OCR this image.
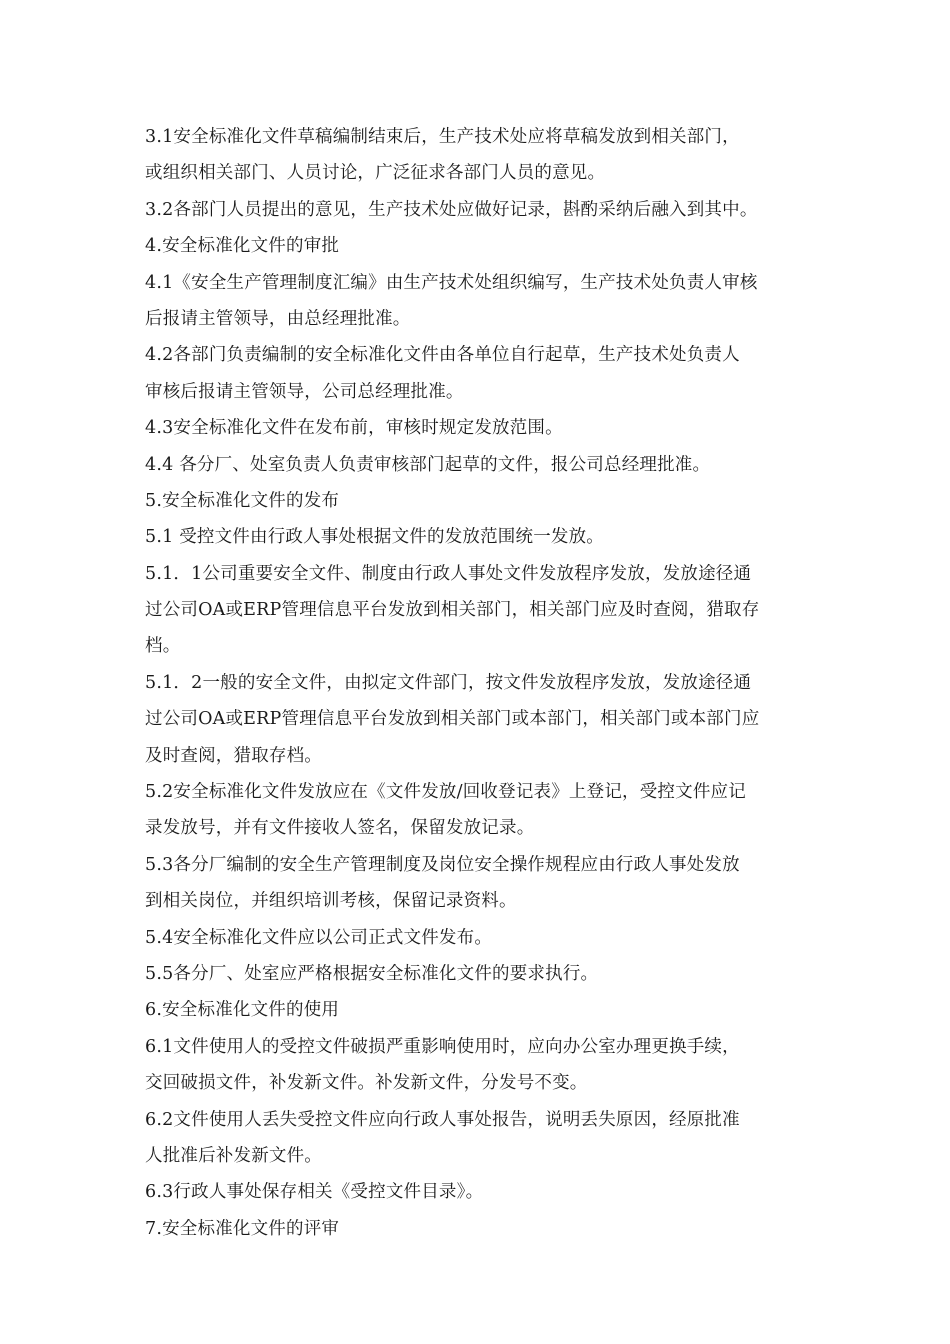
3.1安全标准化文件草稿编制结束后，生产技术处应将草稿发放到相关部门，
或组织相关部门、人员讨论，广泛征求各部门人员的意见。
3.2各部门人员提出的意见，生产技术处应做好记录，斟酌采纳后融入到其中。
4.安全标准化文件的审批
4.1《安全生产管理制度汇编》由生产技术处组织编写，生产技术处负责人审核
后报请主管领导，由总经理批准。
4.2各部门负责编制的安全标准化文件由各单位自行起草，生产技术处负责人
审核后报请主管领导，公司总经理批准。
4.3安全标准化文件在发布前，审核时规定发放范围。
4.4 各分厂、处室负责人负责审核部门起草的文件，报公司总经理批准。
5.安全标准化文件的发布
5.1 受控文件由行政人事处根据文件的发放范围统一发放。
5.1．1公司重要安全文件、制度由行政人事处文件发放程序发放，发放途径通
过公司OA或ERP管理信息平台发放到相关部门，相关部门应及时查阅，猎取存
档。
5.1．2一般的安全文件，由拟定文件部门，按文件发放程序发放，发放途径通
过公司OA或ERP管理信息平台发放到相关部门或本部门，相关部门或本部门应
及时查阅，猎取存档。
5.2安全标准化文件发放应在《文件发放/回收登记表》上登记，受控文件应记
录发放号，并有文件接收人签名，保留发放记录。
5.3各分厂编制的安全生产管理制度及岗位安全操作规程应由行政人事处发放
到相关岗位，并组织培训考核，保留记录资料。
5.4安全标准化文件应以公司正式文件发布。
5.5各分厂、处室应严格根据安全标准化文件的要求执行。
6.安全标准化文件的使用
6.1文件使用人的受控文件破损严重影响使用时，应向办公室办理更换手续，
交回破损文件，补发新文件。补发新文件，分发号不变。
6.2文件使用人丢失受控文件应向行政人事处报告，说明丢失原因，经原批准
人批准后补发新文件。
6.3行政人事处保存相关《受控文件目录》。
7.安全标准化文件的评审
